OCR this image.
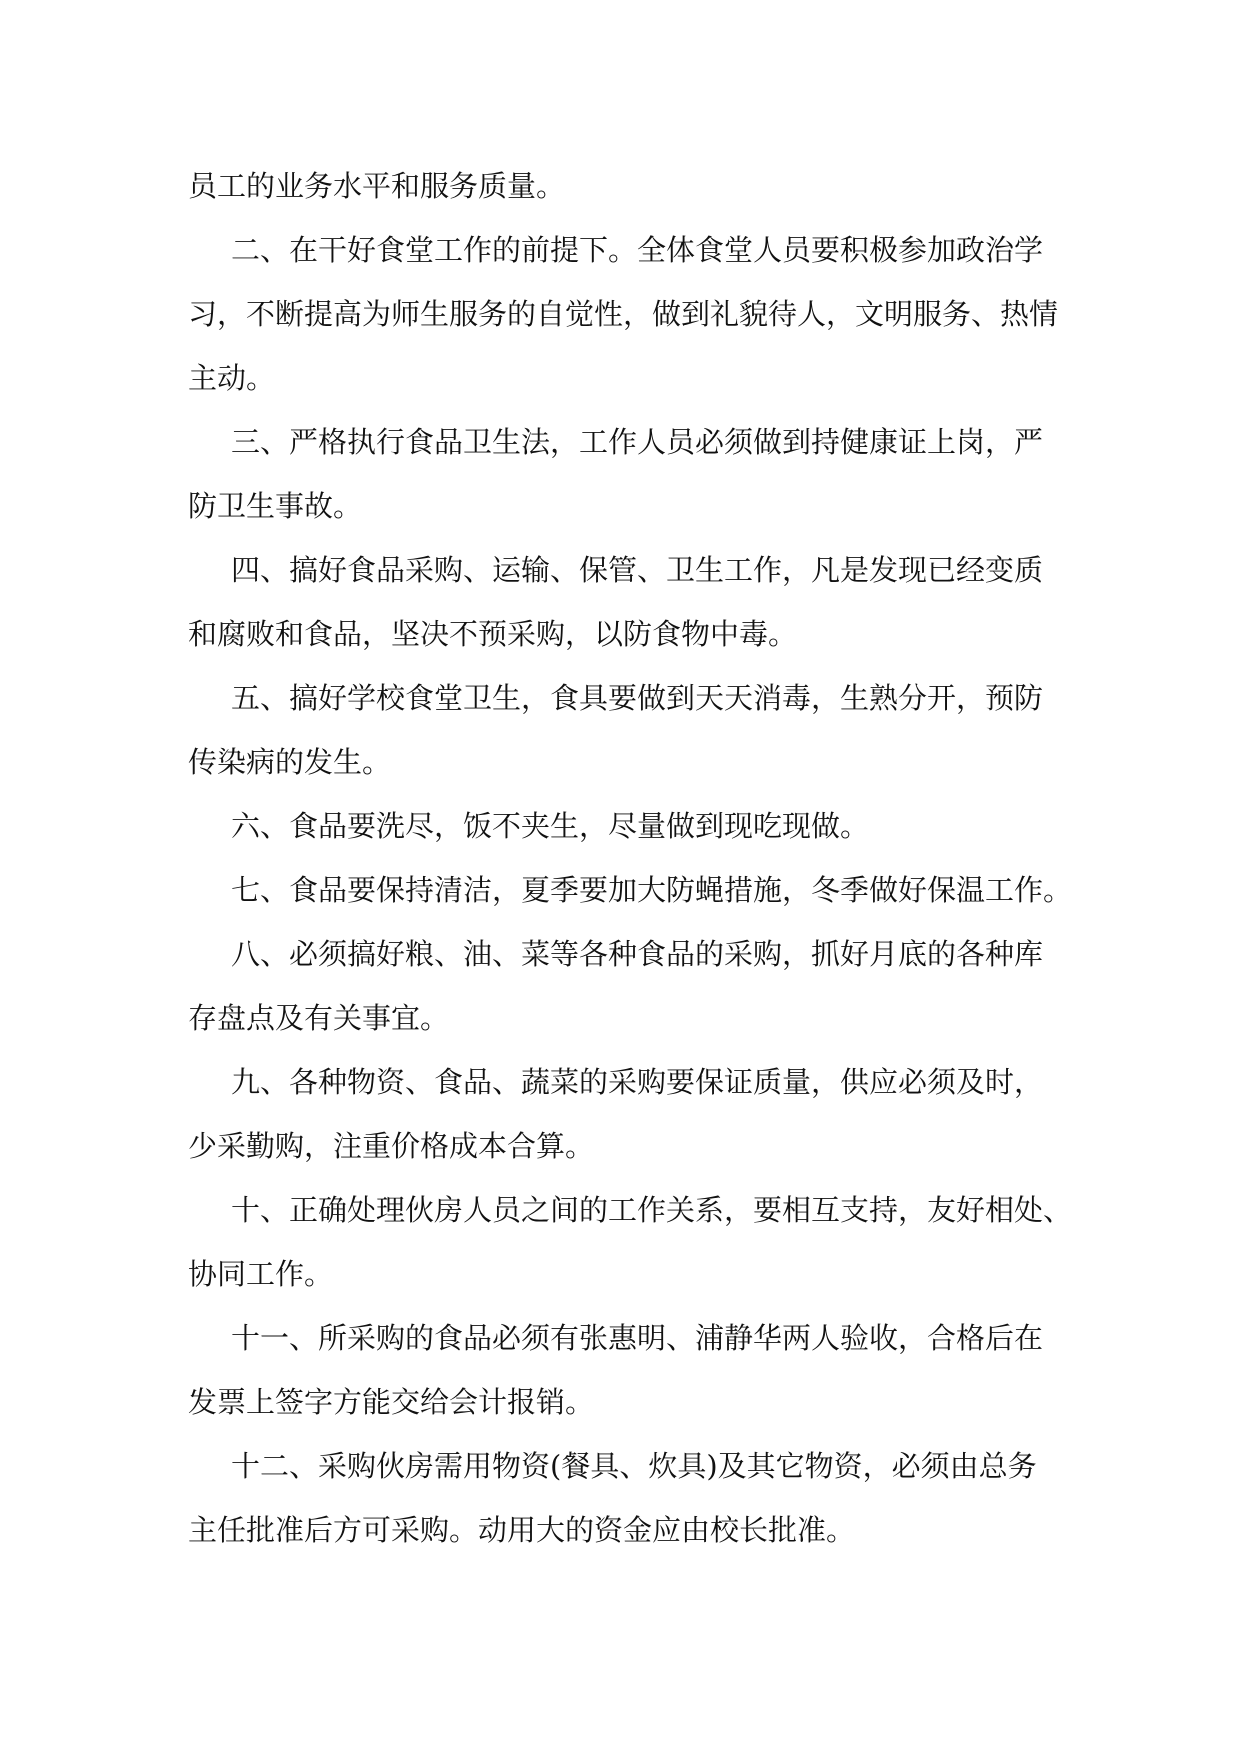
员工的业务水平和服务质量。
二、在干好食堂工作的前提下。全体食堂人员要积极参加政治学
习，不断提高为师生服务的自觉性，做到礼貌待人，文明服务、热情
主动。
三、严格执行食品卫生法，工作人员必须做到持健康证上岗，严
防卫生事故。
四、搞好食品采购、运输、保管、卫生工作，凡是发现已经变质
和腐败和食品，坚决不预采购，以防食物中毒。
五、搞好学校食堂卫生，食具要做到天天消毒，生熟分开，预防
传染病的发生。
六、食品要洗尽，饭不夹生，尽量做到现吃现做。
七、食品要保持清洁，夏季要加大防蝇措施，冬季做好保温工作。
八、必须搞好粮、油、菜等各种食品的采购，抓好月底的各种库
存盘点及有关事宜。
九、各种物资、食品、蔬菜的采购要保证质量，供应必须及时，
少采勤购，注重价格成本合算。
十、正确处理伙房人员之间的工作关系，要相互支持，友好相处、
协同工作。
十一、所采购的食品必须有张惠明、浦静华两人验收，合格后在
发票上签字方能交给会计报销。
十二、采购伙房需用物资(餐具、炊具)及其它物资，必须由总务
主任批准后方可采购。动用大的资金应由校长批准。
